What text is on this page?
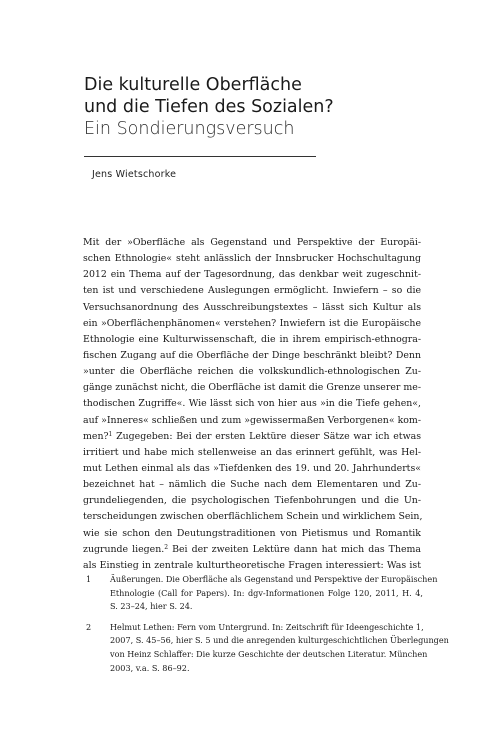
Die kulturelle Oberfläche
und die Tiefen des Sozialen?
Ein Sondierungsversuch
Jens Wietschorke
Mit der »Oberfläche als Gegenstand und Perspektive der Europäi-
schen Ethnologie« steht anlässlich der Innsbrucker Hochschultagung
2012 ein Thema auf der Tagesordnung, das denkbar weit zugeschnit-
ten ist und verschiedene Auslegungen ermöglicht. Inwiefern – so die
Versuchsanordnung des Ausschreibungstextes – lässt sich Kultur als
ein »Oberflächenphänomen« verstehen? Inwiefern ist die Europäische
Ethnologie eine Kulturwissenschaft, die in ihrem empirisch-ethnogra-
fischen Zugang auf die Oberfläche der Dinge beschränkt bleibt? Denn
»unter die Oberfläche reichen die volkskundlich-ethnologischen Zu-
gänge zunächst nicht, die Oberfläche ist damit die Grenze unserer me-
thodischen Zugriffe«. Wie lässt sich von hier aus »in die Tiefe gehen«,
auf »Inneres« schließen und zum »gewissermaßen Verborgenen« kom-
men?$^1$ Zugegeben: Bei der ersten Lektüre dieser Sätze war ich etwas
irritiert und habe mich stellenweise an das erinnert gefühlt, was Hel-
mut Lethen einmal als das »Tiefdenken des 19. und 20. Jahrhunderts«
bezeichnet hat – nämlich die Suche nach dem Elementaren und Zu-
grundeliegenden, die psychologischen Tiefenbohrungen und die Un-
terscheidungen zwischen oberflächlichem Schein und wirklichem Sein,
wie sie schon den Deutungstraditionen von Pietismus und Romantik
zugrunde liegen.$^2$ Bei der zweiten Lektüre dann hat mich das Thema
als Einstieg in zentrale kulturtheoretische Fragen interessiert: Was ist
1 Äußerungen. Die Oberfläche als Gegenstand und Perspektive der Europäischen
Ethnologie (Call for Papers). In: dgv-Informationen Folge 120, 2011, H. 4,
S. 23–24, hier S. 24.
2 Helmut Lethen: Fern vom Untergrund. In: Zeitschrift für Ideengeschichte 1,
2007, S. 45–56, hier S. 5 und die anregenden kulturgeschichtlichen Überlegungen
von Heinz Schlaffer: Die kurze Geschichte der deutschen Literatur. München
2003, v.a. S. 86–92.
